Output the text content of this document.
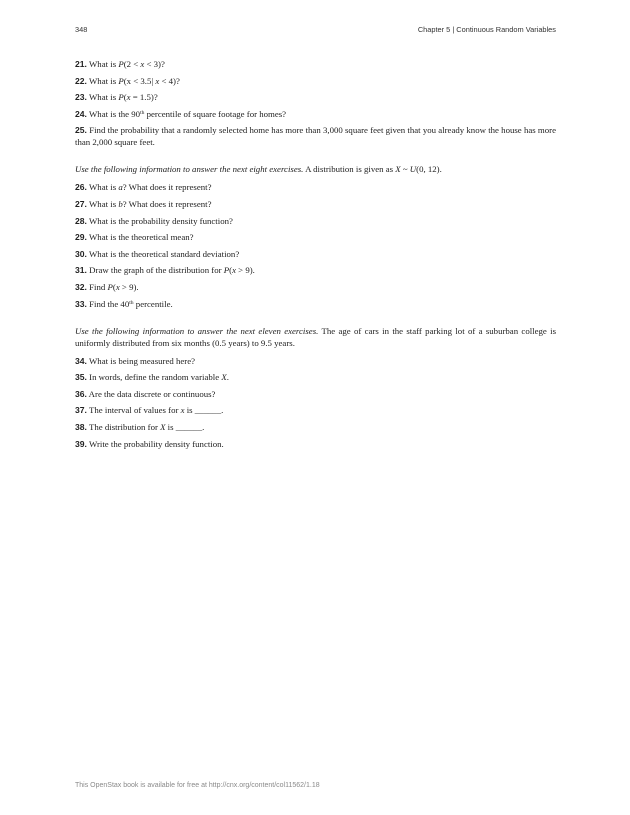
348	Chapter 5 | Continuous Random Variables

21. What is P(2 < x < 3)?

22. What is P(x < 3.5| x < 4)?

23. What is P(x = 1.5)?

24. What is the 90th percentile of square footage for homes?

25. Find the probability that a randomly selected home has more than 3,000 square feet given that you already know the house has more than 2,000 square feet.

Use the following information to answer the next eight exercises. A distribution is given as X ~ U(0, 12).

26. What is a? What does it represent?

27. What is b? What does it represent?

28. What is the probability density function?

29. What is the theoretical mean?

30. What is the theoretical standard deviation?

31. Draw the graph of the distribution for P(x > 9).

32. Find P(x > 9).

33. Find the 40th percentile.

Use the following information to answer the next eleven exercises. The age of cars in the staff parking lot of a suburban college is uniformly distributed from six months (0.5 years) to 9.5 years.

34. What is being measured here?

35. In words, define the random variable X.

36. Are the data discrete or continuous?

37. The interval of values for x is ______.

38. The distribution for X is ______.

39. Write the probability density function.

This OpenStax book is available for free at http://cnx.org/content/col11562/1.18
